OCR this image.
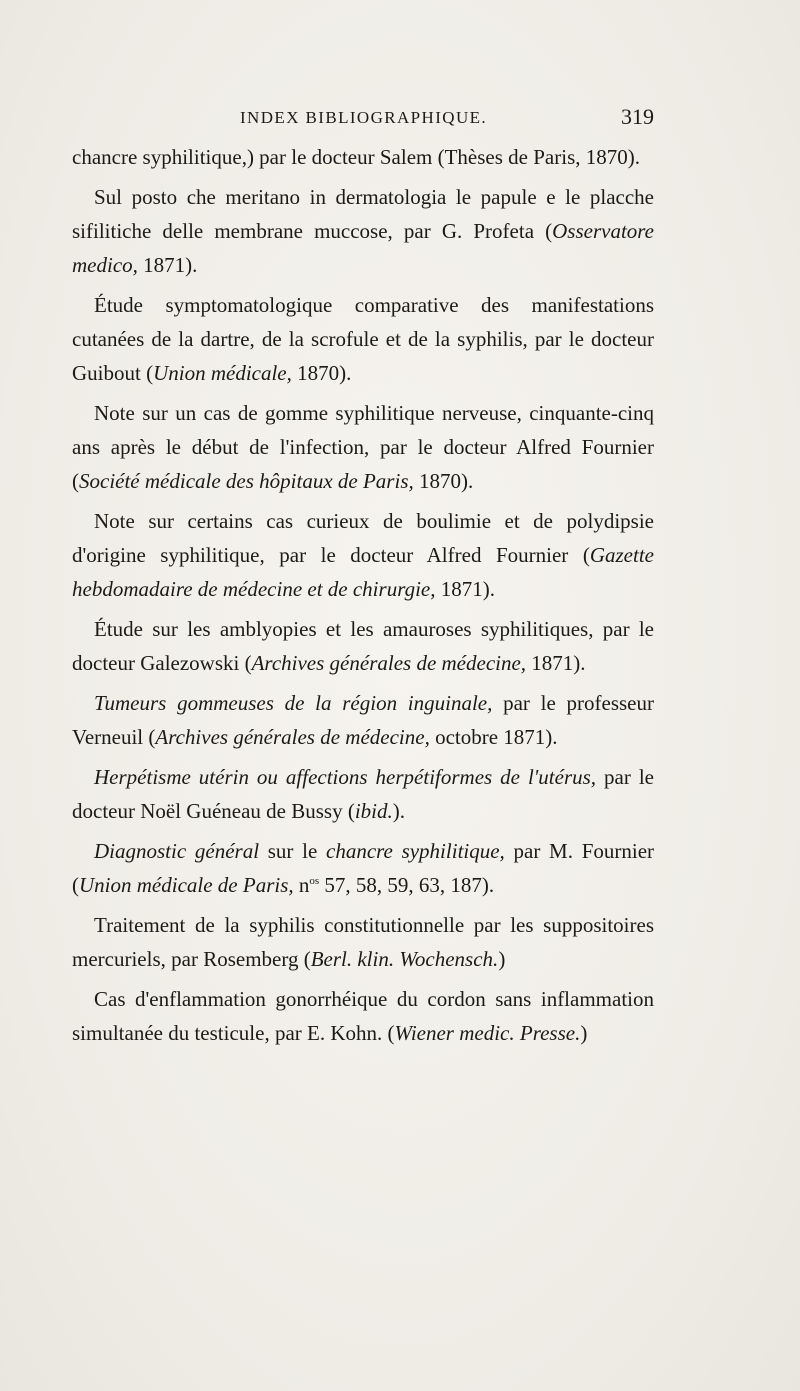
INDEX BIBLIOGRAPHIQUE.	319

chancre syphilitique,) par le docteur Salem (Thèses de Paris, 1870).

Sul posto che meritano in dermatologia le papule e le placche sifilitiche delle membrane muccose, par G. Profeta (Osservatore medico, 1871).

Étude symptomatologique comparative des manifestations cutanées de la dartre, de la scrofule et de la syphilis, par le docteur Guibout (Union médicale, 1870).

Note sur un cas de gomme syphilitique nerveuse, cinquante-cinq ans après le début de l'infection, par le docteur Alfred Fournier (Société médicale des hôpitaux de Paris, 1870).

Note sur certains cas curieux de boulimie et de polydipsie d'origine syphilitique, par le docteur Alfred Fournier (Gazette hebdomadaire de médecine et de chirurgie, 1871).

Étude sur les amblyopies et les amauroses syphilitiques, par le docteur Galezowski (Archives générales de médecine, 1871).

Tumeurs gommeuses de la région inguinale, par le professeur Verneuil (Archives générales de médecine, octobre 1871).

Herpétisme utérin ou affections herpétiformes de l'utérus, par le docteur Noël Guéneau de Bussy (ibid.).

Diagnostic général sur le chancre syphilitique, par M. Fournier (Union médicale de Paris, $n^{os}$ 57, 58, 59, 63, 187).

Traitement de la syphilis constitutionnelle par les suppositoires mercuriels, par Rosemberg (Berl. klin. Wochensch.)

Cas d'enflammation gonorrhéique du cordon sans inflammation simultanée du testicule, par E. Kohn. (Wiener medic. Presse.)
